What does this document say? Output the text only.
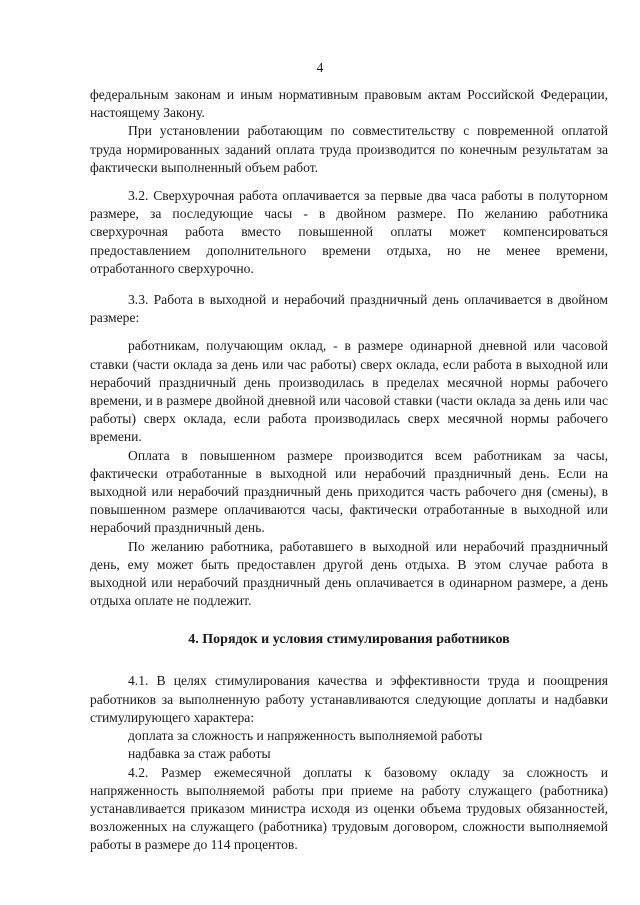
4

федеральным законам и иным нормативным правовым актам Российской Федерации, настоящему Закону.

При установлении работающим по совместительству с повременной оплатой труда нормированных заданий оплата труда производится по конечным результатам за фактически выполненный объем работ.

3.2. Сверхурочная работа оплачивается за первые два часа работы в полуторном размере, за последующие часы - в двойном размере. По желанию работника сверхурочная работа вместо повышенной оплаты может компенсироваться предоставлением дополнительного времени отдыха, но не менее времени, отработанного сверхурочно.

3.3. Работа в выходной и нерабочий праздничный день оплачивается в двойном размере:

работникам, получающим оклад, - в размере одинарной дневной или часовой ставки (части оклада за день или час работы) сверх оклада, если работа в выходной или нерабочий праздничный день производилась в пределах месячной нормы рабочего времени, и в размере двойной дневной или часовой ставки (части оклада за день или час работы) сверх оклада, если работа производилась сверх месячной нормы рабочего времени.

Оплата в повышенном размере производится всем работникам за часы, фактически отработанные в выходной или нерабочий праздничный день. Если на выходной или нерабочий праздничный день приходится часть рабочего дня (смены), в повышенном размере оплачиваются часы, фактически отработанные в выходной или нерабочий праздничный день.

По желанию работника, работавшего в выходной или нерабочий праздничный день, ему может быть предоставлен другой день отдыха. В этом случае работа в выходной или нерабочий праздничный день оплачивается в одинарном размере, а день отдыха оплате не подлежит.

4. Порядок и условия стимулирования работников

4.1. В целях стимулирования качества и эффективности труда и поощрения работников за выполненную работу устанавливаются следующие доплаты и надбавки стимулирующего характера:

доплата за сложность и напряженность выполняемой работы

надбавка за стаж работы

4.2. Размер ежемесячной доплаты к базовому окладу за сложность и напряженность выполняемой работы при приеме на работу служащего (работника) устанавливается приказом министра исходя из оценки объема трудовых обязанностей, возложенных на служащего (работника) трудовым договором, сложности выполняемой работы в размере до 114 процентов.
